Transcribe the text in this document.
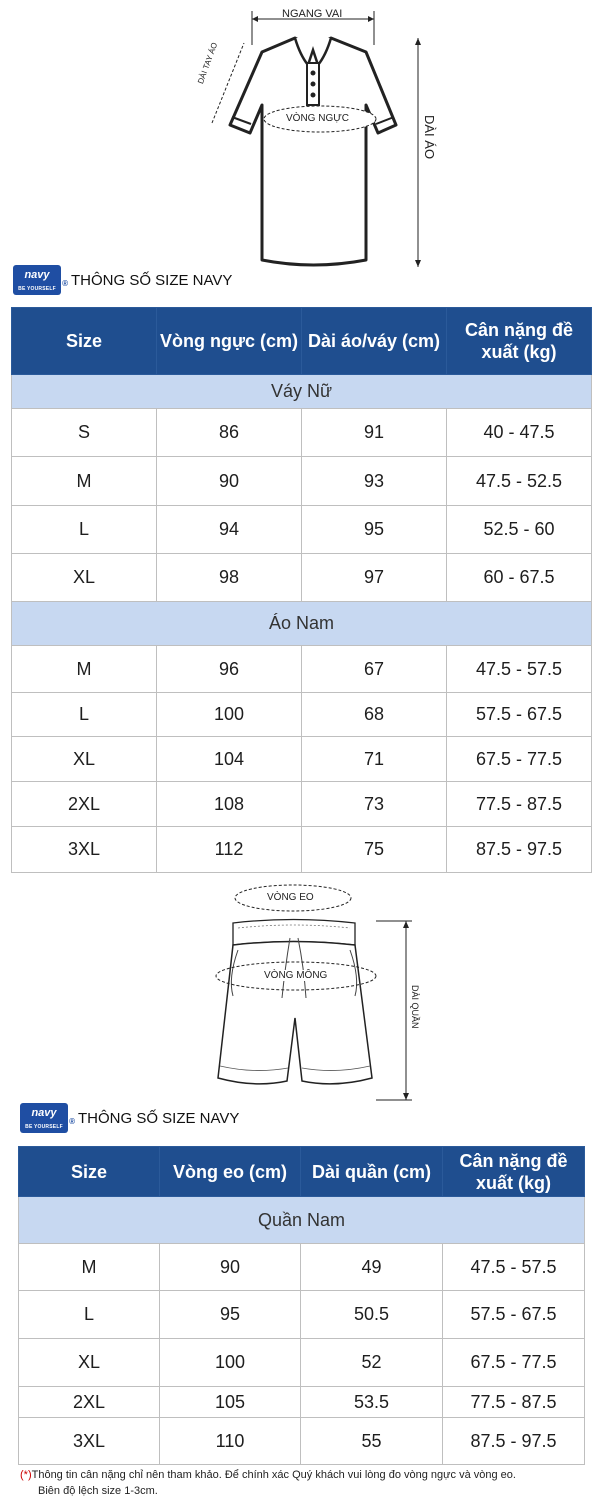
NGANG VAI
DÀI TAY ÁO
VÒNG NGỰC	DÀI ÁO
navy
BE YOURSELF
® THÔNG SỐ SIZE NAVY
Size	Vòng ngực (cm)	Dài áo/váy (cm)	Cân nặng đề xuất (kg)
Váy Nữ			
S	86	91	40 - 47.5
M	90	93	47.5 - 52.5
L	94	95	52.5 - 60
XL	98	97	60 - 67.5
Áo Nam			
M	96	67	47.5 - 57.5
L	100	68	57.5 - 67.5
XL	104	71	67.5 - 77.5
2XL	108	73	77.5 - 87.5
3XL	112	75	87.5 - 97.5
VÒNG EO
VÒNG MÔNG
DÀI QUẦN
navy
BE YOURSELF
® THÔNG SỐ SIZE NAVY
Size	Vòng eo (cm)	Dài quần (cm)	Cân nặng đề xuất (kg)
Quần Nam			
M	90	49	47.5 - 57.5
L	95	50.5	57.5 - 67.5
XL	100	52	67.5 - 77.5
2XL	105	53.5	77.5 - 87.5
3XL	110	55	87.5 - 97.5
(*)Thông tin cân nặng chỉ nên tham khảo. Để chính xác Quý khách vui lòng đo vòng ngực và vòng eo.
Biên độ lệch size 1-3cm.
